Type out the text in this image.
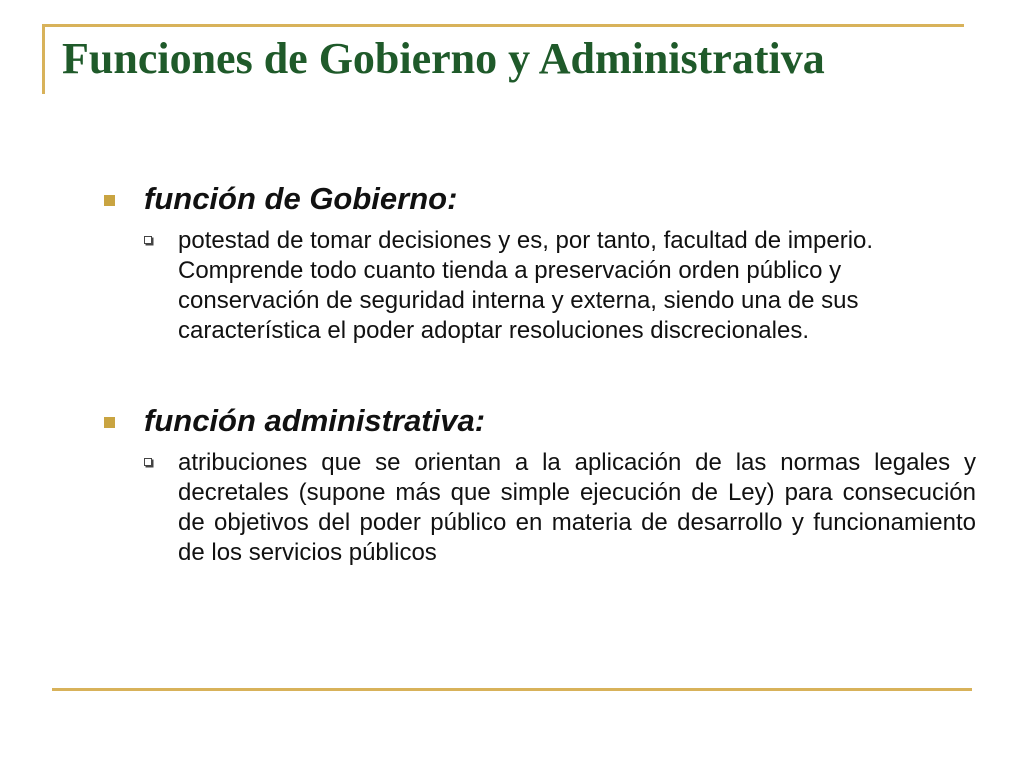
Funciones de Gobierno y Administrativa
función de Gobierno:
potestad de tomar decisiones y es, por tanto, facultad de imperio. Comprende todo cuanto tienda a preservación orden público y conservación de seguridad interna y externa, siendo una de sus característica el poder adoptar resoluciones discrecionales.
función administrativa:
atribuciones que se orientan a la aplicación de las normas legales y decretales (supone más que simple ejecución de Ley) para consecución de objetivos del poder público en materia de desarrollo y funcionamiento de los servicios públicos
